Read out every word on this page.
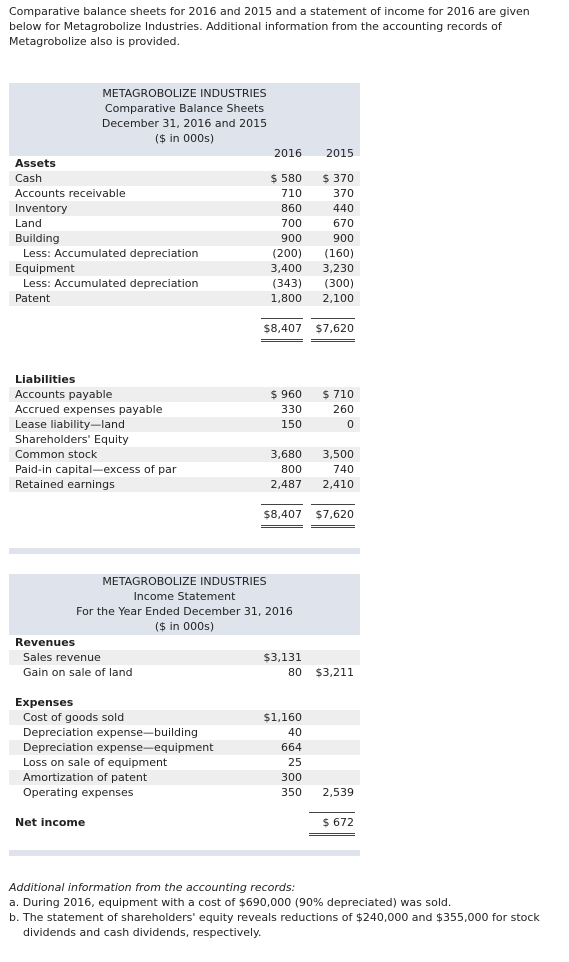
Comparative balance sheets for 2016 and 2015 and a statement of income for 2016 are given below for Metagrobolize Industries. Additional information from the accounting records of Metagrobolize also is provided.
METAGROBOLIZE INDUSTRIES
Comparative Balance Sheets
December 31, 2016 and 2015
($ in 000s)
2016	2015
Assets
Cash	$ 580	$ 370
Accounts receivable	710	370
Inventory	860	440
Land	700	670
Building	900	900
Less: Accumulated depreciation	(200)	(160)
Equipment	3,400	3,230
Less: Accumulated depreciation	(343)	(300)
Patent	1,800	2,100
$8,407	$7,620
Liabilities
Accounts payable	$ 960	$ 710
Accrued expenses payable	330	260
Lease liability—land	150	0
Shareholders' Equity
Common stock	3,680	3,500
Paid-in capital—excess of par	800	740
Retained earnings	2,487	2,410
$8,407	$7,620
METAGROBOLIZE INDUSTRIES
Income Statement
For the Year Ended December 31, 2016
($ in 000s)
Revenues
Sales revenue	$3,131
Gain on sale of land	80	$3,211
Expenses
Cost of goods sold	$1,160
Depreciation expense—building	40
Depreciation expense—equipment	664
Loss on sale of equipment	25
Amortization of patent	300
Operating expenses	350	2,539
Net income	$ 672
Additional information from the accounting records:
a. During 2016, equipment with a cost of $690,000 (90% depreciated) was sold.
b. The statement of shareholders' equity reveals reductions of $240,000 and $355,000 for stock dividends and cash dividends, respectively.
